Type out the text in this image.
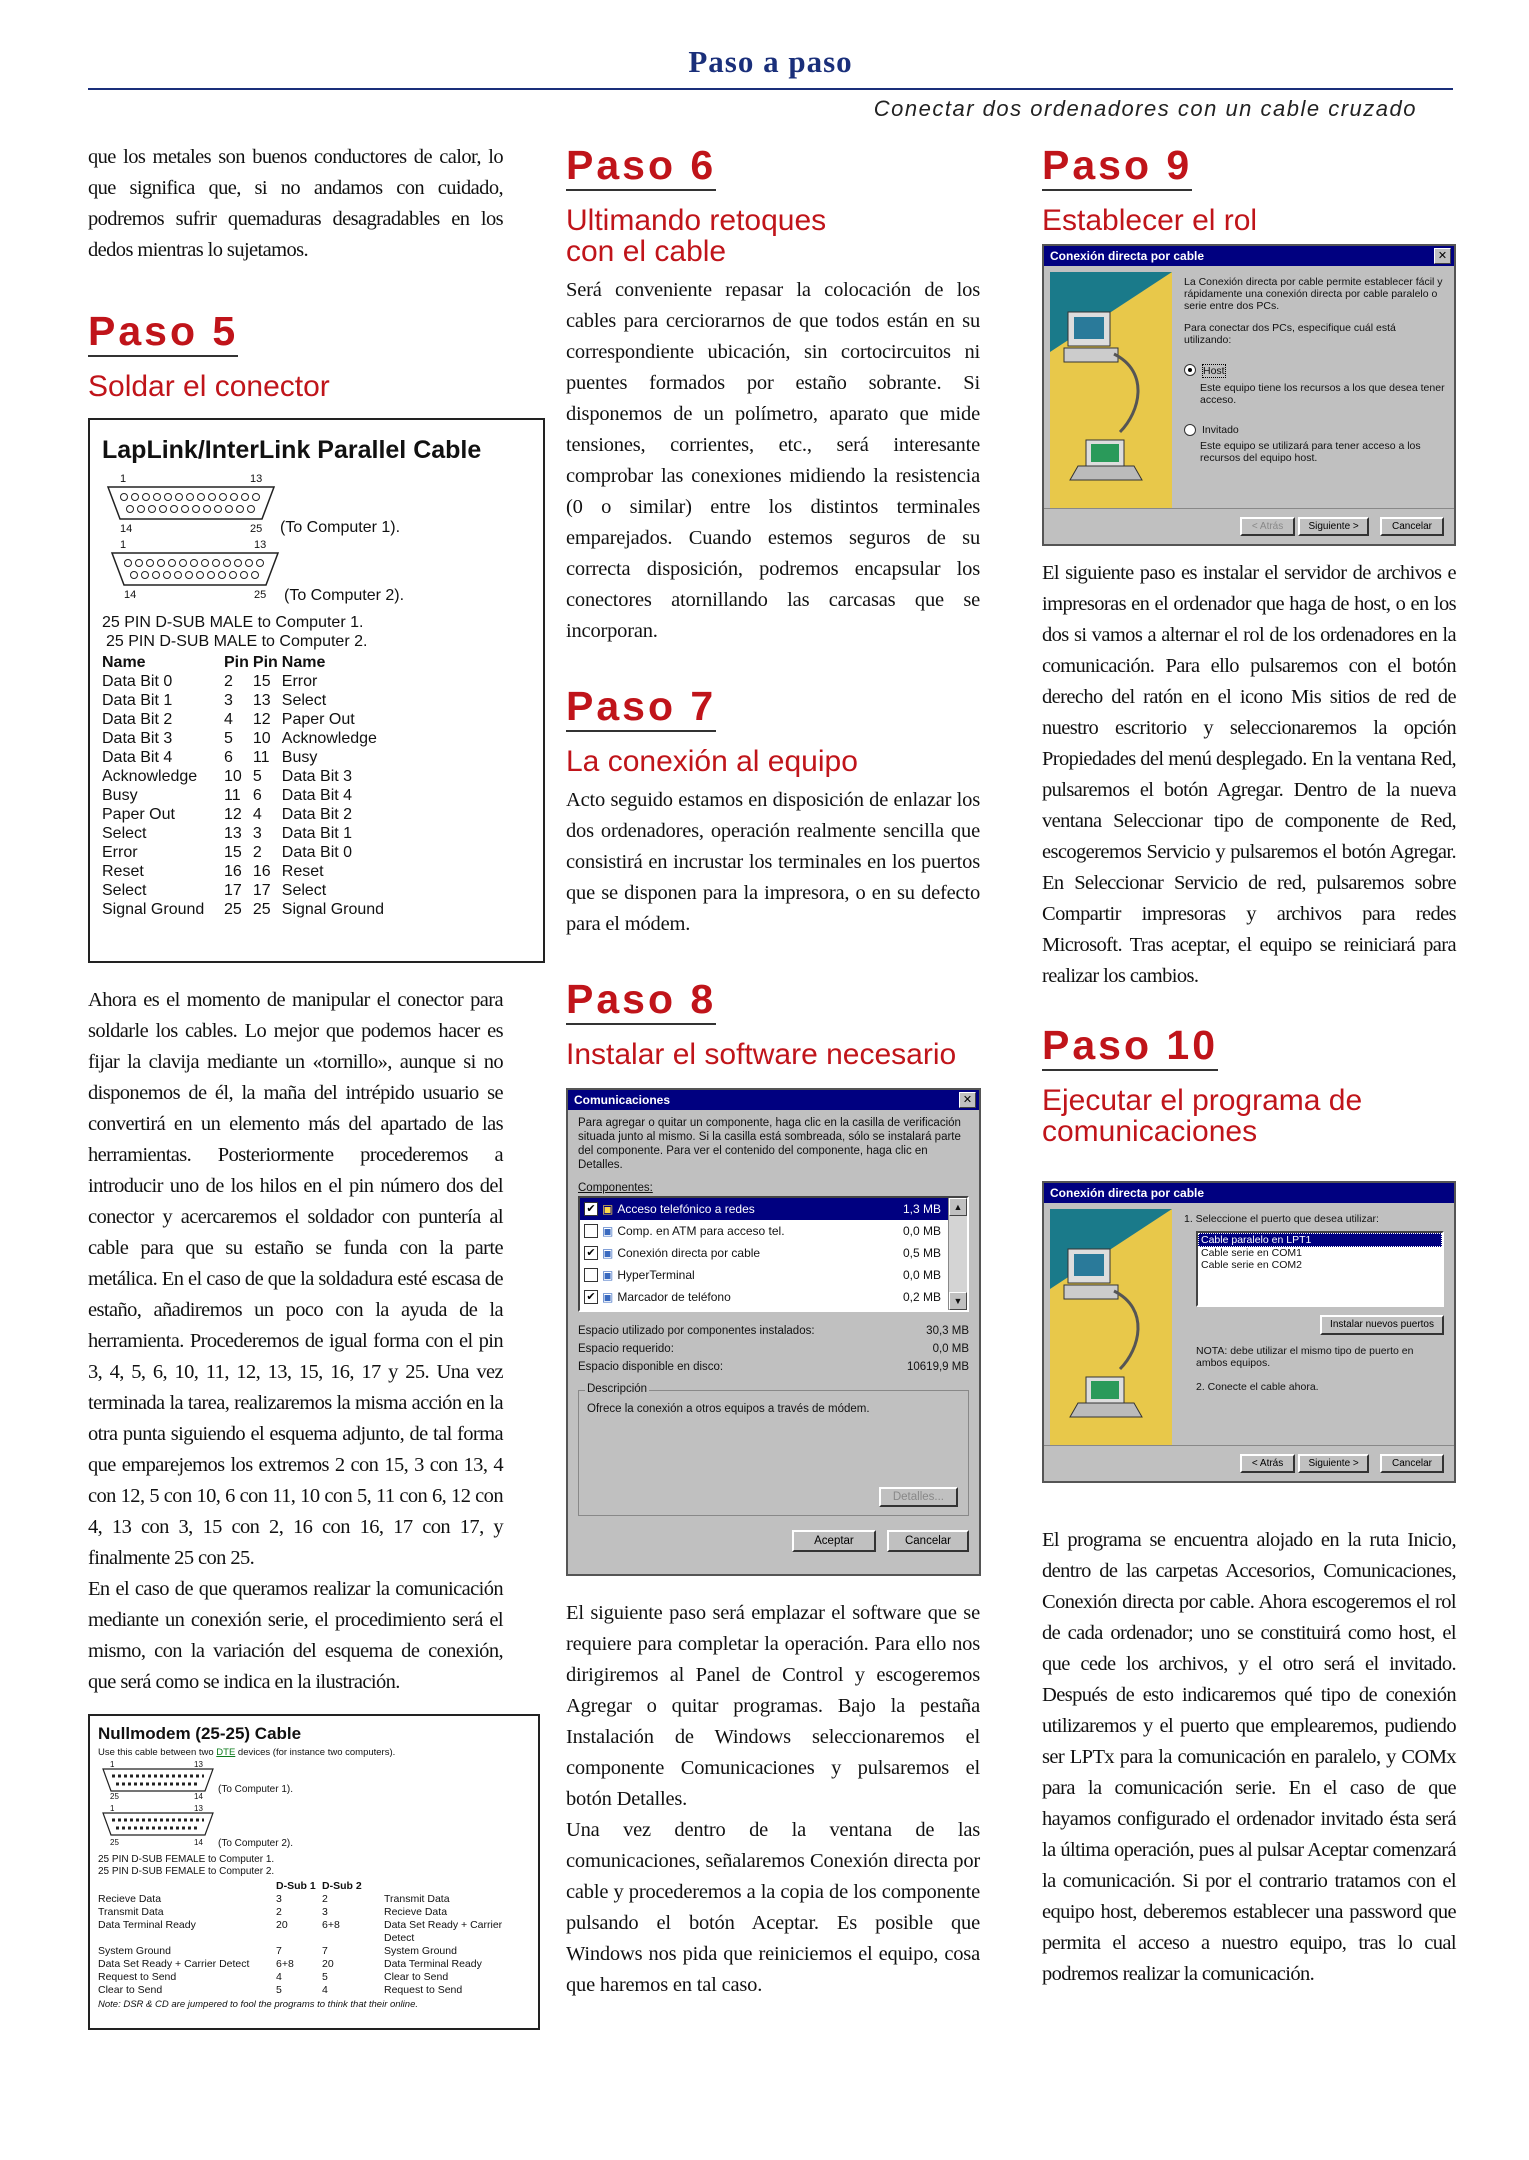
Paso a paso
Conectar dos ordenadores con un cable cruzado

que los metales son buenos conductores de calor, lo que significa que, si no andamos con cuidado, podremos sufrir quemaduras desagradables en los dedos mientras lo sujetamos.

Paso 5
Soldar el conector
LapLink/InterLink Parallel Cable
1	13
14	25 (To Computer 1).
1	13
14	25 (To Computer 2).
25 PIN D-SUB MALE to Computer 1.
25 PIN D-SUB MALE to Computer 2.
Name	Pin	Pin	Name
Data Bit 0	2	15	Error
Data Bit 1	3	13	Select
Data Bit 2	4	12	Paper Out
Data Bit 3	5	10	Acknowledge
Data Bit 4	6	11	Busy
Acknowledge	10	5	Data Bit 3
Busy	11	6	Data Bit 4
Paper Out	12	4	Data Bit 2
Select	13	3	Data Bit 1
Error	15	2	Data Bit 0
Reset	16	16	Reset
Select	17	17	Select
Signal Ground	25	25	Signal Ground

Ahora es el momento de manipular el conector para soldarle los cables. Lo mejor que podemos hacer es fijar la clavija mediante un «tornillo», aunque si no disponemos de él, la maña del intrépido usuario se convertirá en un elemento más del apartado de las herramientas. Posteriormente procederemos a introducir uno de los hilos en el pin número dos del conector y acercaremos el soldador con puntería al cable para que su estaño se funda con la parte metálica. En el caso de que la soldadura esté escasa de estaño, añadiremos un poco con la ayuda de la herramienta. Procederemos de igual forma con el pin 3, 4, 5, 6, 10, 11, 12, 13, 15, 16, 17 y 25. Una vez terminada la tarea, realizaremos la misma acción en la otra punta siguiendo el esquema adjunto, de tal forma que emparejemos los extremos 2 con 15, 3 con 13, 4 con 12, 5 con 10, 6 con 11, 10 con 5, 11 con 6, 12 con 4, 13 con 3, 15 con 2, 16 con 16, 17 con 17, y finalmente 25 con 25.

En el caso de que queramos realizar la comunicación mediante un conexión serie, el procedimiento será el mismo, con la variación del esquema de conexión, que será como se indica en la ilustración.

Nullmodem (25-25) Cable
Use this cable between two DTE devices (for instance two computers).
1	13
25	14
(To Computer 1).
1	13
25	14 (To Computer 2).
25 PIN D-SUB FEMALE to Computer 1.
25 PIN D-SUB FEMALE to Computer 2.
	D-Sub 1	D-Sub 2	
Recieve Data	3	2	Transmit Data
Transmit Data	2	3	Recieve Data
Data Terminal Ready	20	6+8	Data Set Ready + Carrier Detect
System Ground	7	7	System Ground
Data Set Ready + Carrier Detect	6+8	20	Data Terminal Ready
Request to Send	4	5	Clear to Send
Clear to Send	5	4	Request to Send
Note: DSR & CD are jumpered to fool the programs to think that their online.
Paso 6
Ultimando retoques con el cable

Será conveniente repasar la colocación de los cables para cerciorarnos de que todos están en su correspondiente ubicación, sin cortocircuitos ni puentes formados por estaño sobrante. Si disponemos de un polímetro, aparato que mide tensiones, corrientes, etc., será interesante comprobar las conexiones midiendo la resistencia (0 o similar) entre los distintos terminales emparejados. Cuando estemos seguros de su correcta disposición, podremos encapsular los conectores atornillando las carcasas que se incorporan.

Paso 7
La conexión al equipo

Acto seguido estamos en disposición de enlazar los dos ordenadores, operación realmente sencilla que consistirá en incrustar los terminales en los puertos que se disponen para la impresora, o en su defecto para el módem.

Paso 8
Instalar el software necesario
Comunicaciones	✕
Para agregar o quitar un componente, haga clic en la casilla de verificación situada junto al mismo. Si la casilla está sombreada, sólo se instalará parte del componente. Para ver el contenido del componente, haga clic en Detalles.
Componentes:
✔ ▣ Acceso telefónico a redes	1,3 MB
▣ Comp. en ATM para acceso tel.	0,0 MB
✔ ▣ Conexión directa por cable	0,5 MB
▣ HyperTerminal	0,0 MB
✔ ▣ Marcador de teléfono	0,2 MB
▲
▼
Espacio utilizado por componentes instalados:	30,3 MB
Espacio requerido:	0,0 MB
Espacio disponible en disco:	10619,9 MB
Descripción
Ofrece la conexión a otros equipos a través de módem.
Detalles...
Aceptar	Cancelar

El siguiente paso será emplazar el software que se requiere para completar la operación. Para ello nos dirigiremos al Panel de Control y escogeremos Agregar o quitar programas. Bajo la pestaña Instalación de Windows seleccionaremos el componente Comunicaciones y pulsaremos el botón Detalles.

Una vez dentro de la ventana de las comunicaciones, señalaremos Conexión directa por cable y procederemos a la copia de los componente pulsando el botón Aceptar. Es posible que Windows nos pida que reiniciemos el equipo, cosa que haremos en tal caso.

Paso 9
Establecer el rol
Conexión directa por cable	✕
La Conexión directa por cable permite establecer fácil y rápidamente una conexión directa por cable paralelo o serie entre dos PCs.
Para conectar dos PCs, especifique cuál está utilizando:
Host
Este equipo tiene los recursos a los que desea tener acceso.
Invitado
Este equipo se utilizará para tener acceso a los recursos del equipo host.
< Atrás	Siguiente >	Cancelar

El siguiente paso es instalar el servidor de archivos e impresoras en el ordenador que haga de host, o en los dos si vamos a alternar el rol de los ordenadores en la comunicación. Para ello pulsaremos con el botón derecho del ratón en el icono Mis sitios de red de nuestro escritorio y seleccionaremos la opción Propiedades del menú desplegado. En la ventana Red, pulsaremos el botón Agregar. Dentro de la nueva ventana Seleccionar tipo de componente de Red, escogeremos Servicio y pulsaremos el botón Agregar. En Seleccionar Servicio de red, pulsaremos sobre Compartir impresoras y archivos para redes Microsoft. Tras aceptar, el equipo se reiniciará para realizar los cambios.

Paso 10
Ejecutar el programa de comunicaciones
Conexión directa por cable
1. Seleccione el puerto que desea utilizar:
Cable paralelo en LPT1
Cable serie en COM1
Cable serie en COM2
Instalar nuevos puertos
NOTA: debe utilizar el mismo tipo de puerto en ambos equipos.
2. Conecte el cable ahora.
< Atrás	Siguiente >	Cancelar

El programa se encuentra alojado en la ruta Inicio, dentro de las carpetas Accesorios, Comunicaciones, Conexión directa por cable. Ahora escogeremos el rol de cada ordenador; uno se constituirá como host, el que cede los archivos, y el otro será el invitado. Después de esto indicaremos qué tipo de conexión utilizaremos y el puerto que emplearemos, pudiendo ser LPTx para la comunicación en paralelo, y COMx para la comunicación serie. En el caso de que hayamos configurado el ordenador invitado ésta será la última operación, pues al pulsar Aceptar comenzará la comunicación. Si por el contrario tratamos con el equipo host, deberemos establecer una password que permita el acceso a nuestro equipo, tras lo cual podremos realizar la comunicación.
